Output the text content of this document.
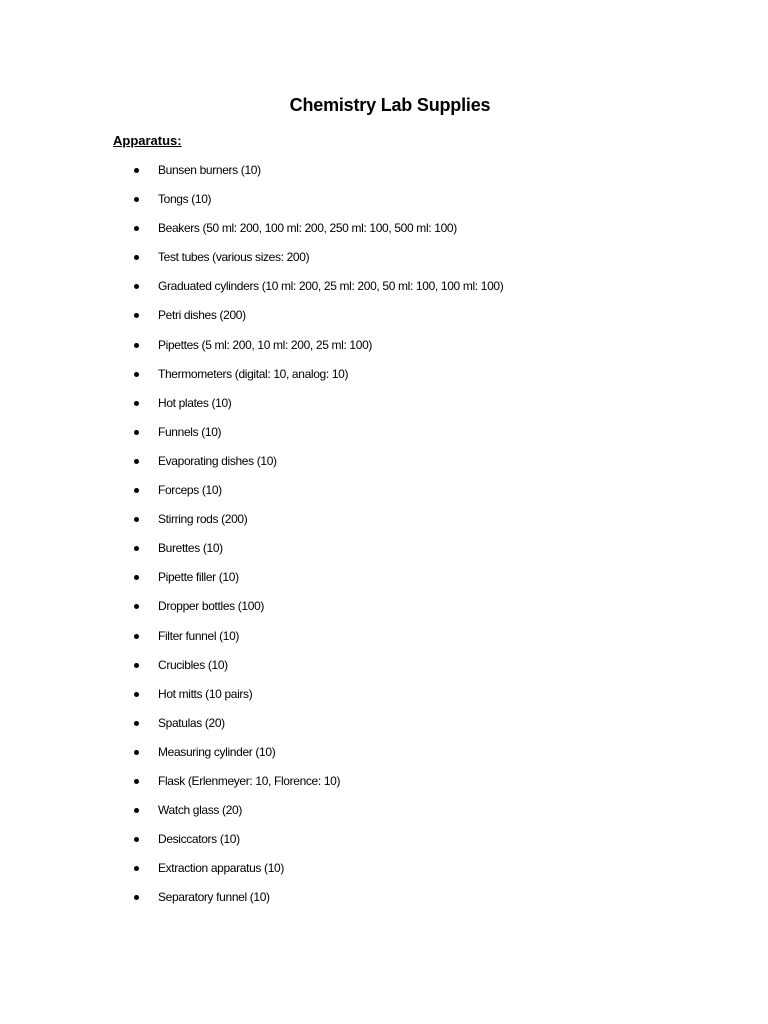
Chemistry Lab Supplies
Apparatus:
Bunsen burners (10)
Tongs (10)
Beakers (50 ml: 200, 100 ml: 200, 250 ml: 100, 500 ml: 100)
Test tubes (various sizes: 200)
Graduated cylinders (10 ml: 200, 25 ml: 200, 50 ml: 100, 100 ml: 100)
Petri dishes (200)
Pipettes (5 ml: 200, 10 ml: 200, 25 ml: 100)
Thermometers (digital: 10, analog: 10)
Hot plates (10)
Funnels (10)
Evaporating dishes (10)
Forceps (10)
Stirring rods (200)
Burettes (10)
Pipette filler (10)
Dropper bottles (100)
Filter funnel (10)
Crucibles (10)
Hot mitts (10 pairs)
Spatulas (20)
Measuring cylinder (10)
Flask (Erlenmeyer: 10, Florence: 10)
Watch glass (20)
Desiccators (10)
Extraction apparatus (10)
Separatory funnel (10)
